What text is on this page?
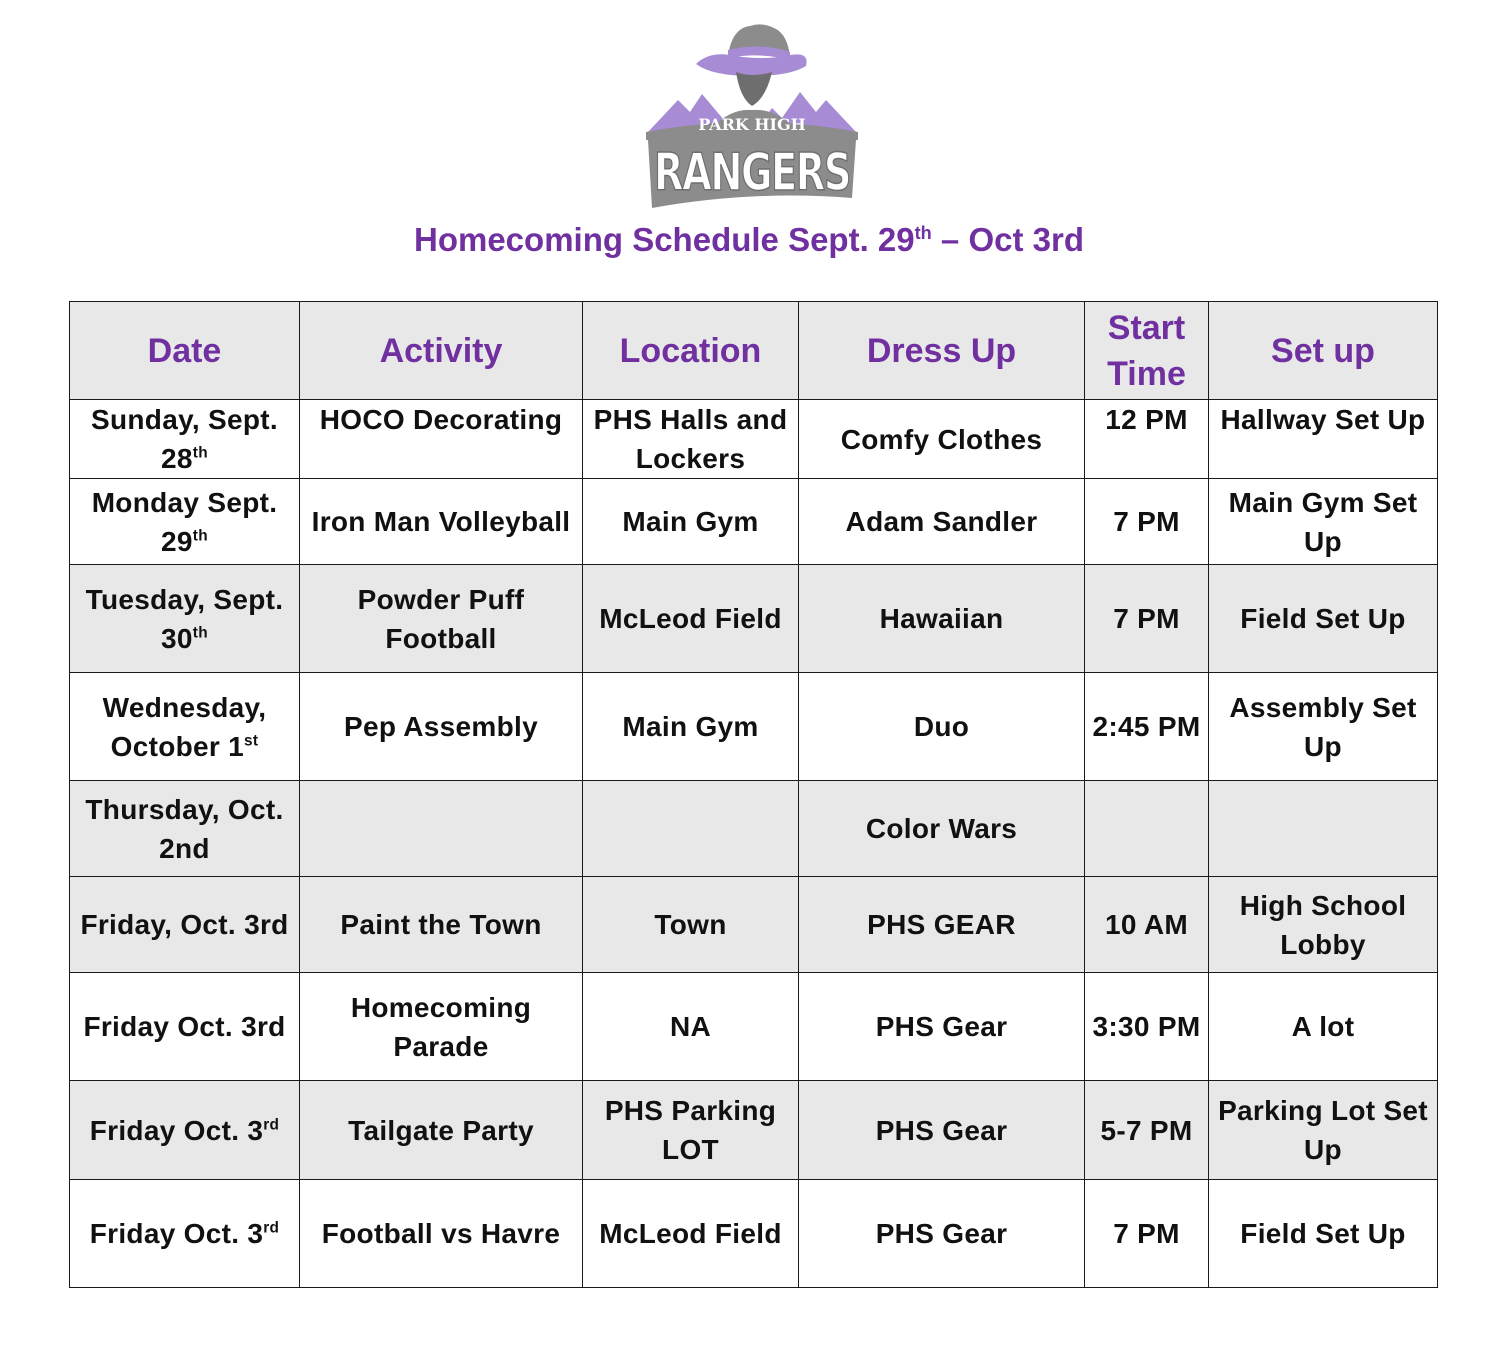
PARK HIGH
RANGERS
Homecoming Schedule Sept. 29th – Oct 3rd
Date	Activity	Location	Dress Up	Start Time	Set up
Sunday, Sept. 28th	HOCO Decorating	PHS Halls and Lockers	Comfy Clothes	12 PM	Hallway Set Up
Monday Sept. 29th	Iron Man Volleyball	Main Gym	Adam Sandler	7 PM	Main Gym Set Up
Tuesday, Sept. 30th	Powder Puff Football	McLeod Field	Hawaiian	7 PM	Field Set Up
Wednesday, October 1st	Pep Assembly	Main Gym	Duo	2:45 PM	Assembly Set Up
Thursday, Oct. 2nd			Color Wars		
Friday, Oct. 3rd	Paint the Town	Town	PHS GEAR	10 AM	High School Lobby
Friday Oct. 3rd	Homecoming Parade	NA	PHS Gear	3:30 PM	A lot
Friday Oct. 3rd	Tailgate Party	PHS Parking LOT	PHS Gear	5-7 PM	Parking Lot Set Up
Friday Oct. 3rd	Football vs Havre	McLeod Field	PHS Gear	7 PM	Field Set Up
